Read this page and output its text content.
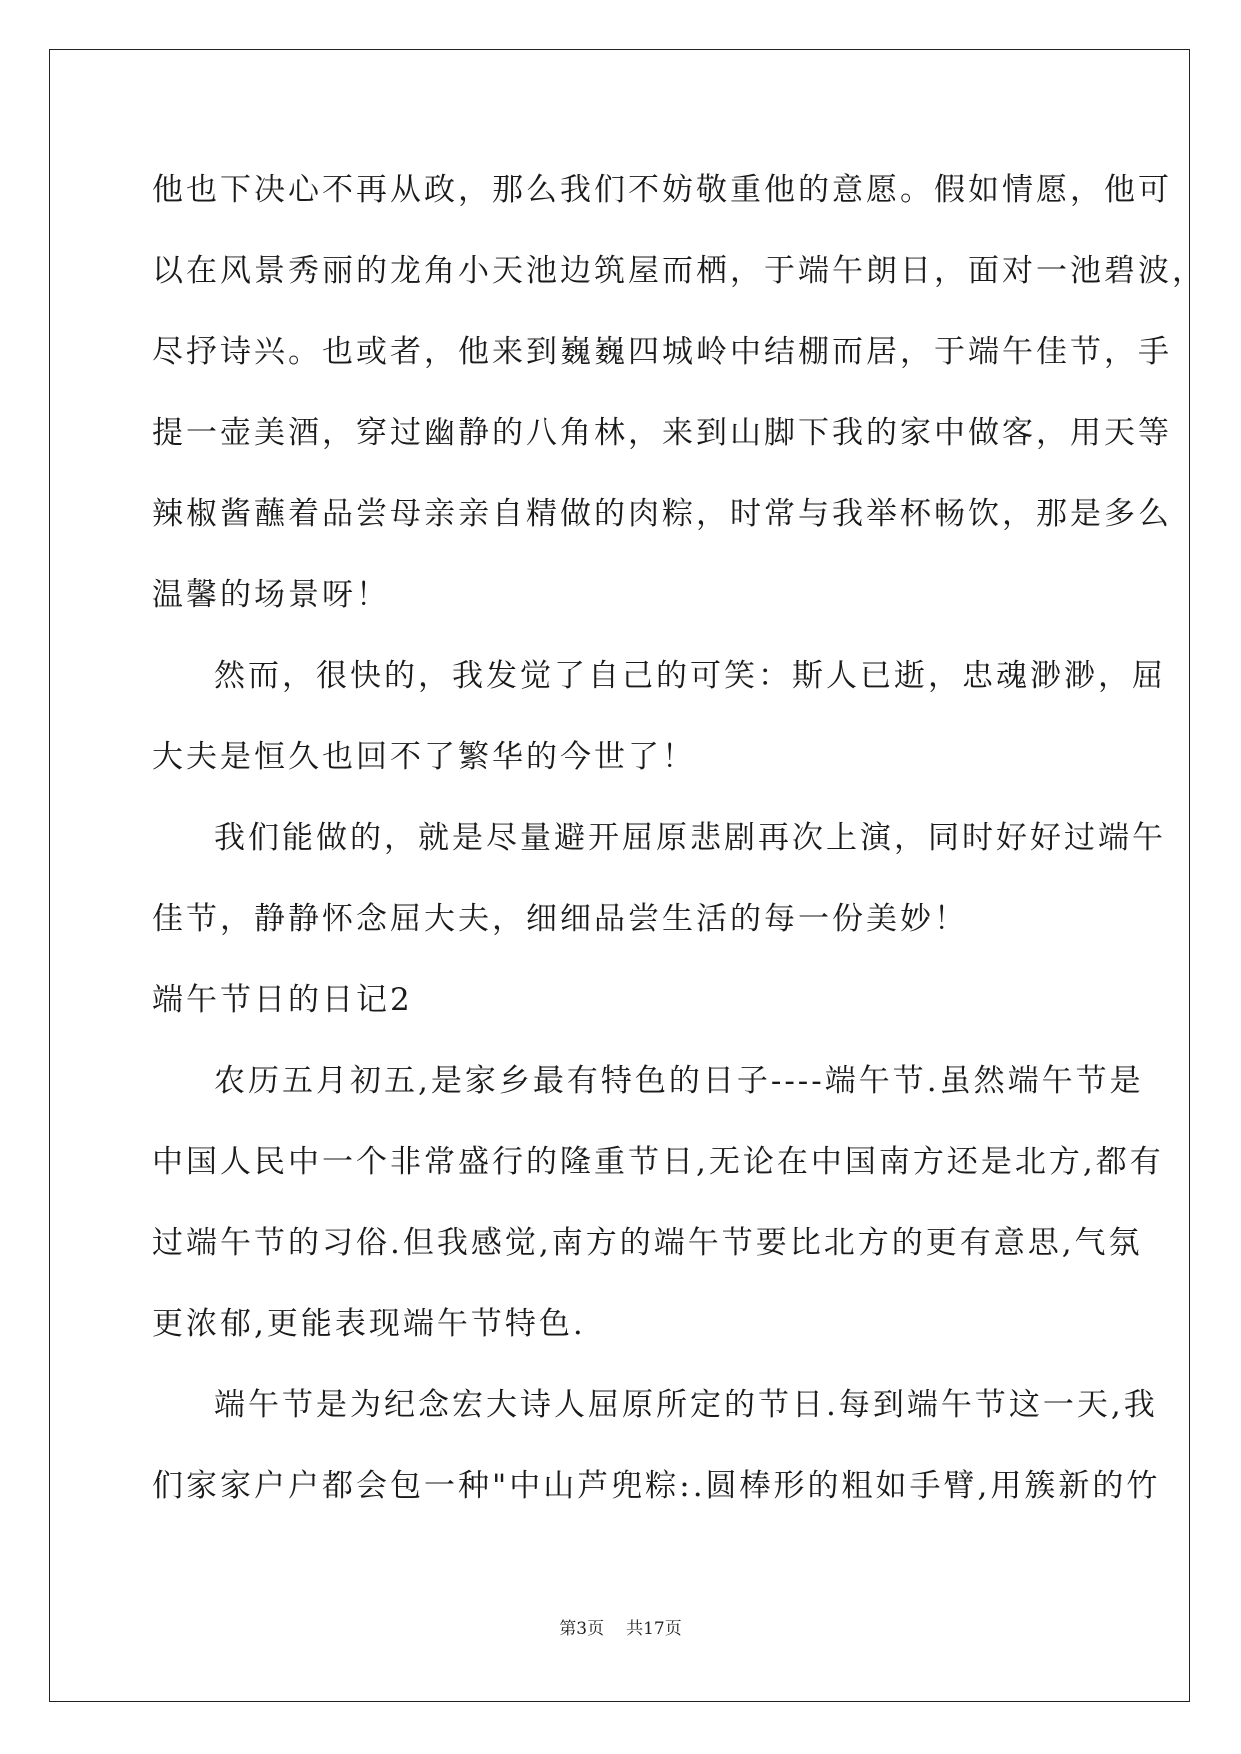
他也下决心不再从政，那么我们不妨敬重他的意愿。假如情愿，他可
以在风景秀丽的龙角小天池边筑屋而栖，于端午朗日，面对一池碧波，
尽抒诗兴。也或者，他来到巍巍四城岭中结棚而居，于端午佳节，手
提一壶美酒，穿过幽静的八角林，来到山脚下我的家中做客，用天等
辣椒酱蘸着品尝母亲亲自精做的肉粽，时常与我举杯畅饮，那是多么
温馨的场景呀！
然而，很快的，我发觉了自己的可笑：斯人已逝，忠魂渺渺，屈
大夫是恒久也回不了繁华的今世了！
我们能做的，就是尽量避开屈原悲剧再次上演，同时好好过端午
佳节，静静怀念屈大夫，细细品尝生活的每一份美妙！
端午节日的日记2
农历五月初五,是家乡最有特色的日子----端午节.虽然端午节是
中国人民中一个非常盛行的隆重节日,无论在中国南方还是北方,都有
过端午节的习俗.但我感觉,南方的端午节要比北方的更有意思,气氛
更浓郁,更能表现端午节特色.
端午节是为纪念宏大诗人屈原所定的节日.每到端午节这一天,我
们家家户户都会包一种"中山芦兜粽:.圆棒形的粗如手臂,用簇新的竹
第3页 共17页
